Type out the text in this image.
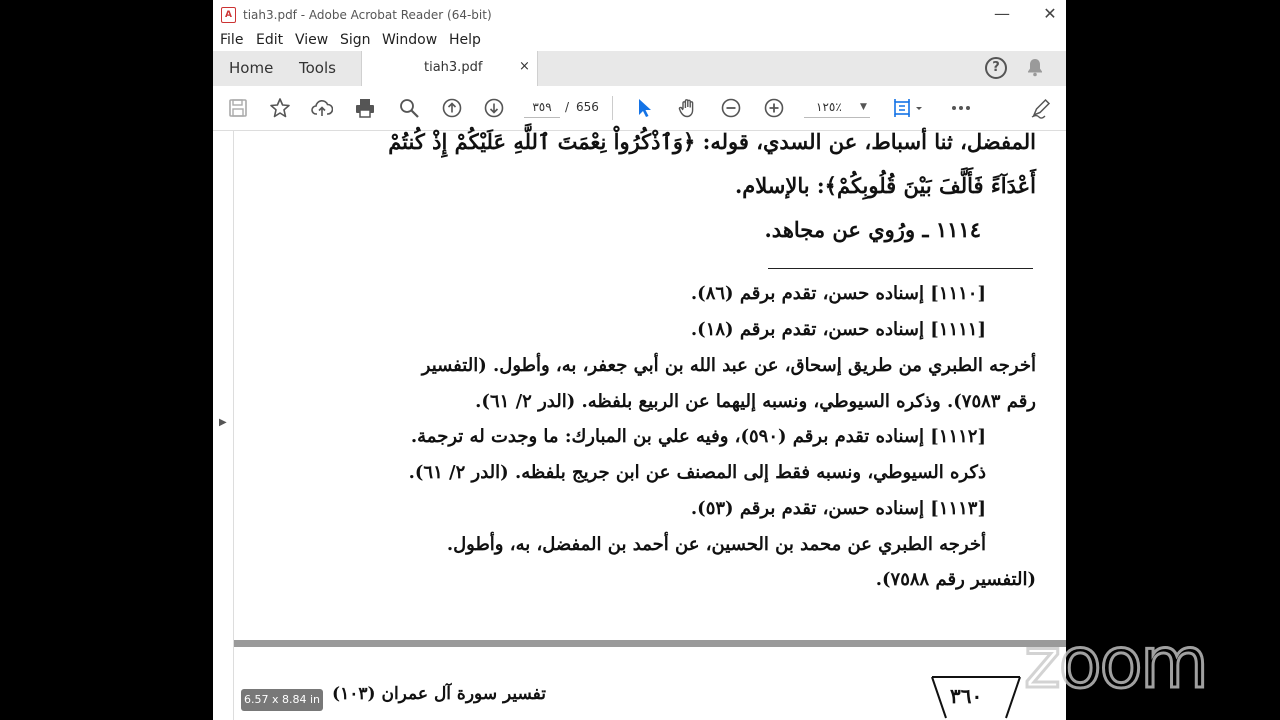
A tiah3.pdf - Adobe Acrobat Reader (64-bit)	—	✕
File Edit View Sign Window Help
Home Tools	tiah3.pdf	×	?
٣٥٩	/ 656	١٢٥٪ ▼
▶
المفضل، ثنا أسباط، عن السدي، قوله: ﴿وَٱذْكُرُواْ نِعْمَتَ ٱللَّهِ عَلَيْكُمْ إِذْ كُنتُمْ
أَعْدَآءً فَأَلَّفَ بَيْنَ قُلُوبِكُمْ﴾: بالإسلام.
١١١٤ ـ ورُوي عن مجاهد.
[١١١٠] إسناده حسن، تقدم برقم (٨٦).
[١١١١] إسناده حسن، تقدم برقم (١٨).
أخرجه الطبري من طريق إسحاق، عن عبد الله بن أبي جعفر، به، وأطول. (التفسير
رقم ٧٥٨٣). وذكره السيوطي، ونسبه إليهما عن الربيع بلفظه. (الدر ٢/ ٦١).
[١١١٢] إسناده تقدم برقم (٥٩٠)، وفيه علي بن المبارك: ما وجدت له ترجمة.
ذكره السيوطي، ونسبه فقط إلى المصنف عن ابن جريج بلفظه. (الدر ٢/ ٦١).
[١١١٣] إسناده حسن، تقدم برقم (٥٣).
أخرجه الطبري عن محمد بن الحسين، عن أحمد بن المفضل، به، وأطول.
(التفسير رقم ٧٥٨٨).
تفسير سورة آل عمران (١٠٣)	٣٦٠
6.57 x 8.84 in	zoom
